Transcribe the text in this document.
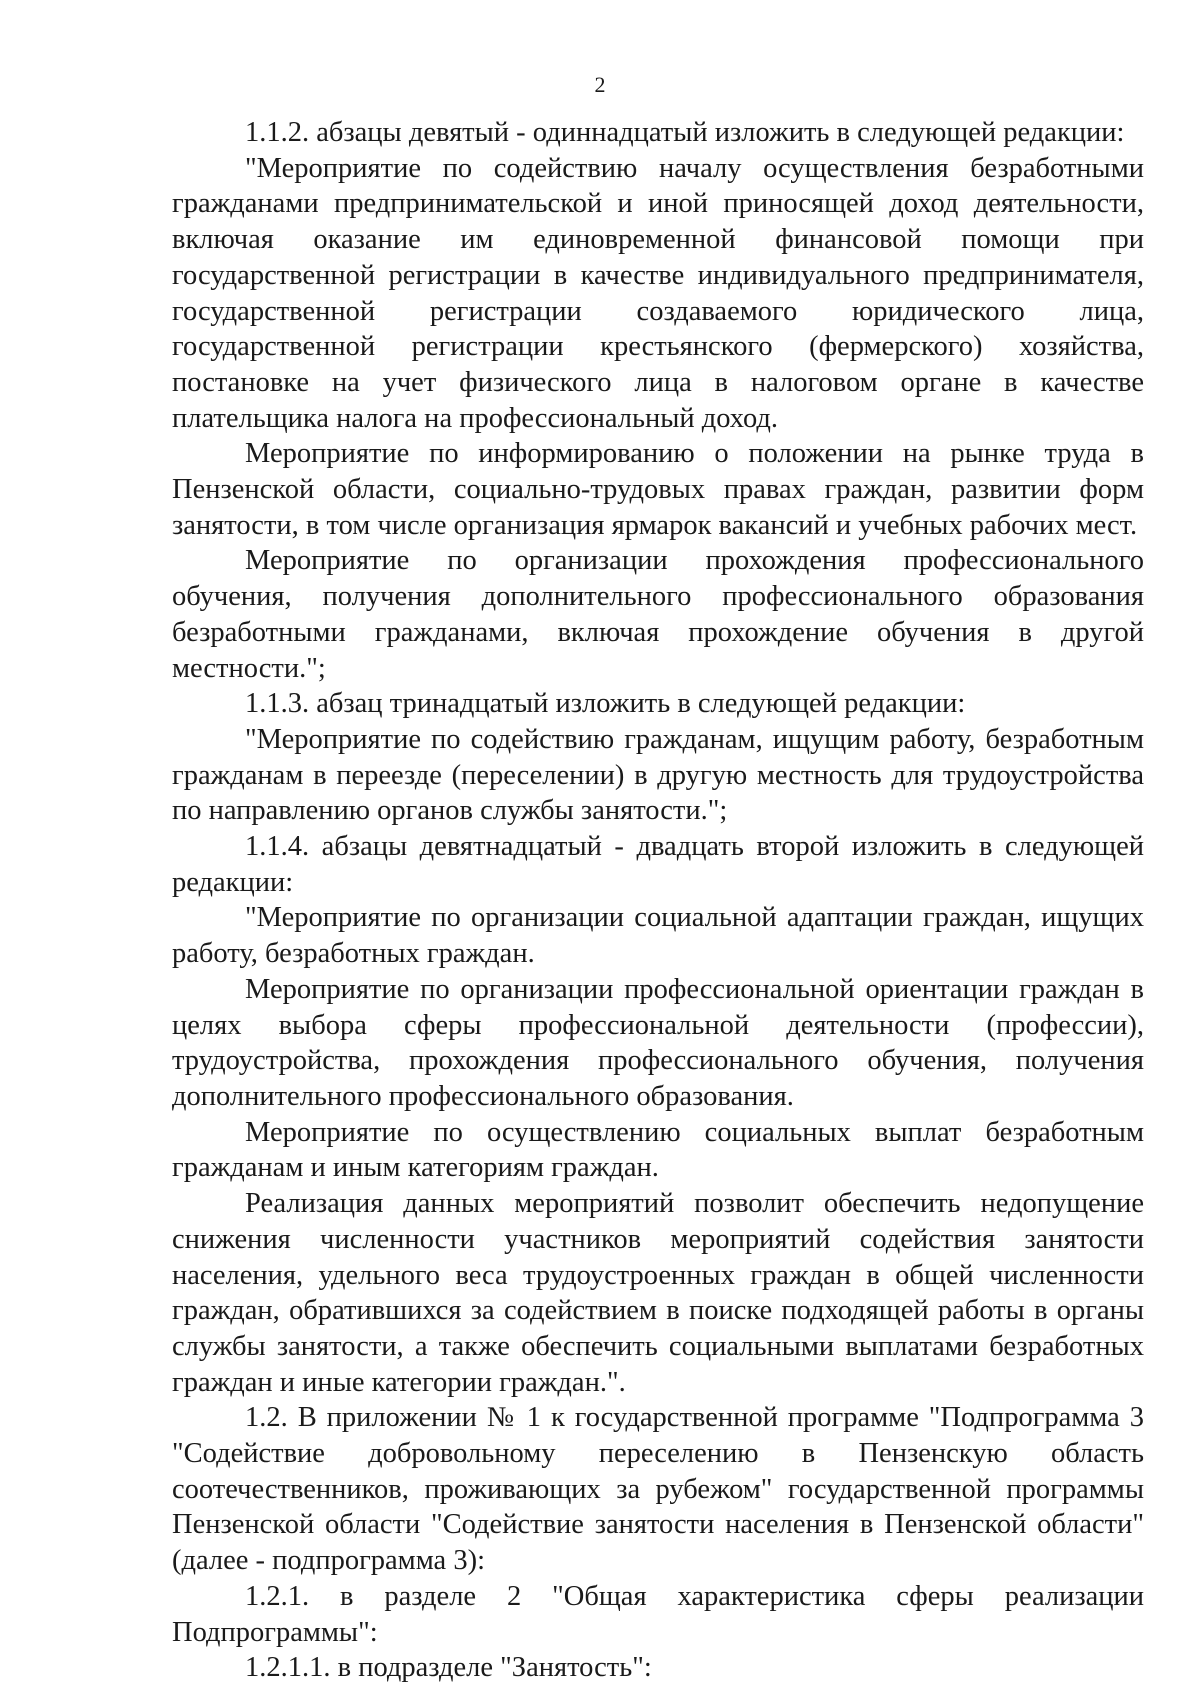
2

1.1.2. абзацы девятый - одиннадцатый изложить в следующей редакции:

"Мероприятие по содействию началу осуществления безработными гражданами предпринимательской и иной приносящей доход деятельности, включая оказание им единовременной финансовой помощи при государственной регистрации в качестве индивидуального предпринимателя, государственной регистрации создаваемого юридического лица, государственной регистрации крестьянского (фермерского) хозяйства, постановке на учет физического лица в налоговом органе в качестве плательщика налога на профессиональный доход.

Мероприятие по информированию о положении на рынке труда в Пензенской области, социально-трудовых правах граждан, развитии форм занятости, в том числе организация ярмарок вакансий и учебных рабочих мест.

Мероприятие по организации прохождения профессионального обучения, получения дополнительного профессионального образования безработными гражданами, включая прохождение обучения в другой местности.";

1.1.3. абзац тринадцатый изложить в следующей редакции:

"Мероприятие по содействию гражданам, ищущим работу, безработным гражданам в переезде (переселении) в другую местность для трудоустройства по направлению органов службы занятости.";

1.1.4. абзацы девятнадцатый - двадцать второй изложить в следующей редакции:

"Мероприятие по организации социальной адаптации граждан, ищущих работу, безработных граждан.

Мероприятие по организации профессиональной ориентации граждан в целях выбора сферы профессиональной деятельности (профессии), трудоустройства, прохождения профессионального обучения, получения дополнительного профессионального образования.

Мероприятие по осуществлению социальных выплат безработным гражданам и иным категориям граждан.

Реализация данных мероприятий позволит обеспечить недопущение снижения численности участников мероприятий содействия занятости населения, удельного веса трудоустроенных граждан в общей численности граждан, обратившихся за содействием в поиске подходящей работы в органы службы занятости, а также обеспечить социальными выплатами безработных граждан и иные категории граждан.".

1.2. В приложении № 1 к государственной программе "Подпрограмма 3 "Содействие добровольному переселению в Пензенскую область соотечественников, проживающих за рубежом" государственной программы Пензенской области "Содействие занятости населения в Пензенской области" (далее - подпрограмма 3):

1.2.1. в разделе 2 "Общая характеристика сферы реализации Подпрограммы":

1.2.1.1. в подразделе "Занятость":
